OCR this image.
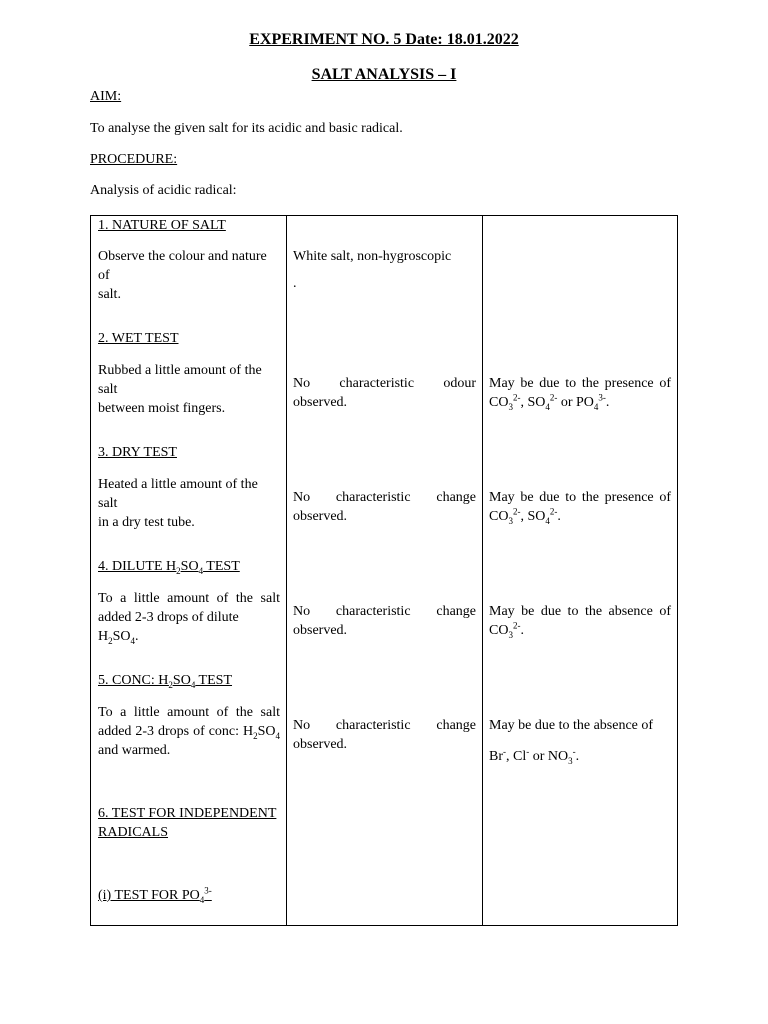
EXPERIMENT NO. 5 Date: 18.01.2022
SALT ANALYSIS – I
AIM:
To analyse the given salt for its acidic and basic radical.
PROCEDURE:
Analysis of acidic radical:
1. NATURE OF SALT
Observe the colour and nature of
salt.
White salt, non-hygroscopic
.
2. WET TEST
Rubbed a little amount of the salt
between moist fingers.
No characteristic odour
observed.
May be due to the presence of
$CO_3^{2-}$, $SO_4^{2-}$ or $PO_4^{3-}$.
3. DRY TEST
Heated a little amount of the salt
in a dry test tube.
No characteristic change
observed.
May be due to the presence of
$CO_3^{2-}$, $SO_4^{2-}$.
4. DILUTE $H_2SO_4$ TEST
To a little amount of the salt
added 2-3 drops of dilute $H_2SO_4$.
No characteristic change
observed.
May be due to the absence of
$CO_3^{2-}$.
5. CONC: $H_2SO_4$ TEST
To a little amount of the salt
added 2-3 drops of conc: $H_2SO_4$
and warmed.
No characteristic change
observed.
May be due to the absence of
Br-, Cl- or $NO_3^-$.
6. TEST FOR INDEPENDENT
RADICALS
(i) TEST FOR $PO_4^{3-}$
